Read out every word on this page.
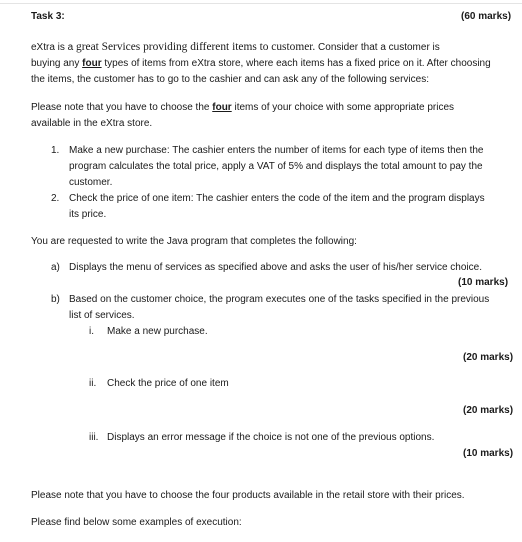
Task 3:	(60 marks)
eXtra is a great Services providing different items to customer. Consider that a customer is
buying any four types of items from eXtra store, where each items has a fixed price on it. After choosing
the items, the customer has to go to the cashier and can ask any of the following services:
Please note that you have to choose the four items of your choice with some appropriate prices
available in the eXtra store.
1. Make a new purchase: The cashier enters the number of items for each type of items then the
program calculates the total price, apply a VAT of 5% and displays the total amount to pay the
customer.
2. Check the price of one item: The cashier enters the code of the item and the program displays
its price.
You are requested to write the Java program that completes the following:
a) Displays the menu of services as specified above and asks the user of his/her service choice.
(10 marks)
b) Based on the customer choice, the program executes one of the tasks specified in the previous
list of services.
i. Make a new purchase.
(20 marks)
ii. Check the price of one item
(20 marks)
iii. Displays an error message if the choice is not one of the previous options.
(10 marks)
Please note that you have to choose the four products available in the retail store with their prices.
Please find below some examples of execution:
